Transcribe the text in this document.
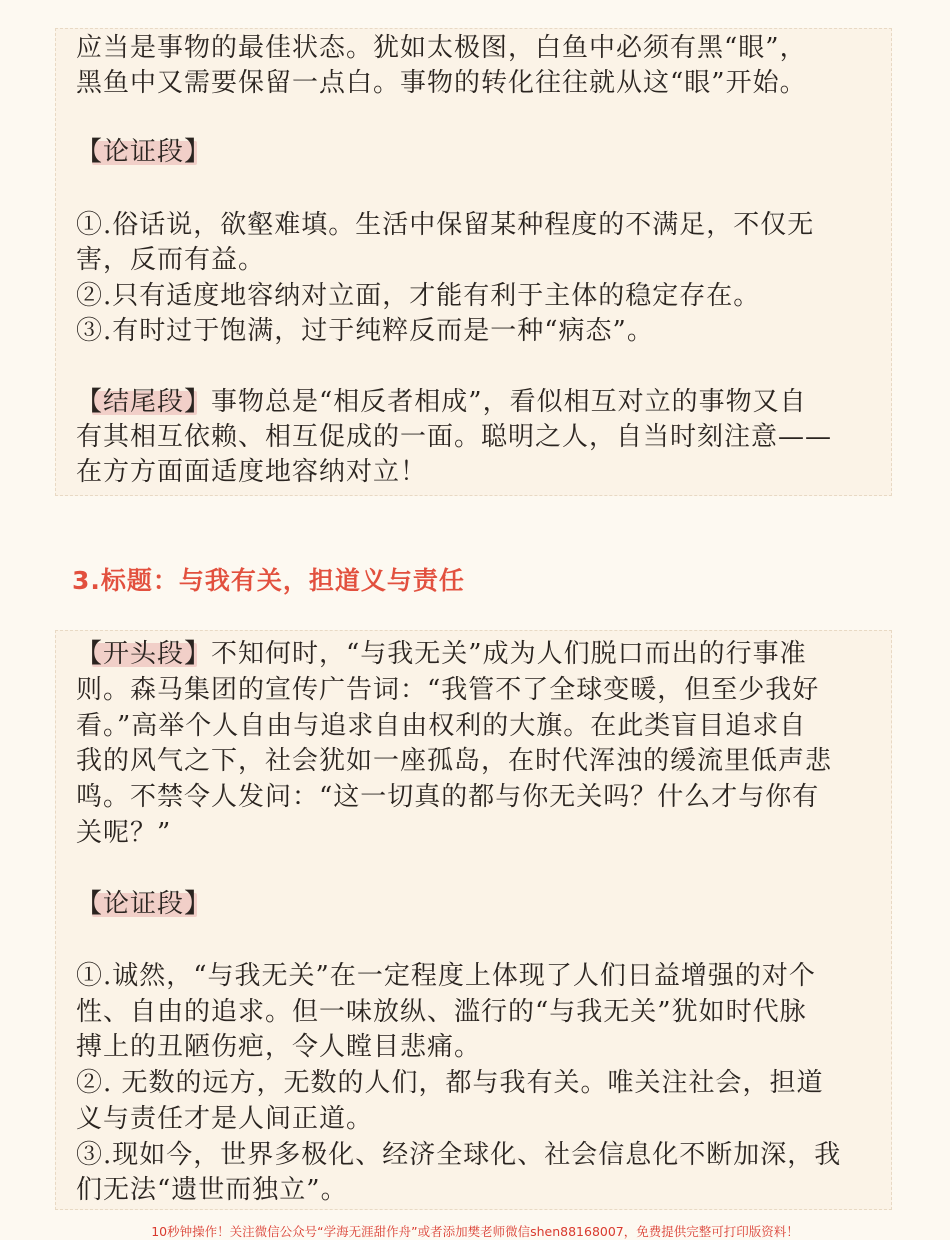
应当是事物的最佳状态。犹如太极图，白鱼中必须有黑“眼”，
黑鱼中又需要保留一点白。事物的转化往往就从这“眼”开始。
【论证段】
①.俗话说，欲壑难填。生活中保留某种程度的不满足，不仅无
害，反而有益。
②.只有适度地容纳对立面，才能有利于主体的稳定存在。
③.有时过于饱满，过于纯粹反而是一种“病态”。
【结尾段】事物总是“相反者相成”，看似相互对立的事物又自
有其相互依赖、相互促成的一面。聪明之人，自当时刻注意——
在方方面面适度地容纳对立！
3.标题：与我有关，担道义与责任
【开头段】不知何时，“与我无关”成为人们脱口而出的行事准
则。森马集团的宣传广告词：“我管不了全球变暖，但至少我好
看。”高举个人自由与追求自由权利的大旗。在此类盲目追求自
我的风气之下，社会犹如一座孤岛，在时代浑浊的缓流里低声悲
鸣。不禁令人发问：“这一切真的都与你无关吗？什么才与你有
关呢？”
【论证段】
①.诚然，“与我无关”在一定程度上体现了人们日益增强的对个
性、自由的追求。但一味放纵、滥行的“与我无关”犹如时代脉
搏上的丑陋伤疤，令人瞠目悲痛。
②. 无数的远方，无数的人们，都与我有关。唯关注社会，担道
义与责任才是人间正道。
③.现如今，世界多极化、经济全球化、社会信息化不断加深，我
们无法“遗世而独立”。
10秒钟操作！关注微信公众号“学海无涯甜作舟”或者添加樊老师微信shen88168007，免费提供完整可打印版资料！
